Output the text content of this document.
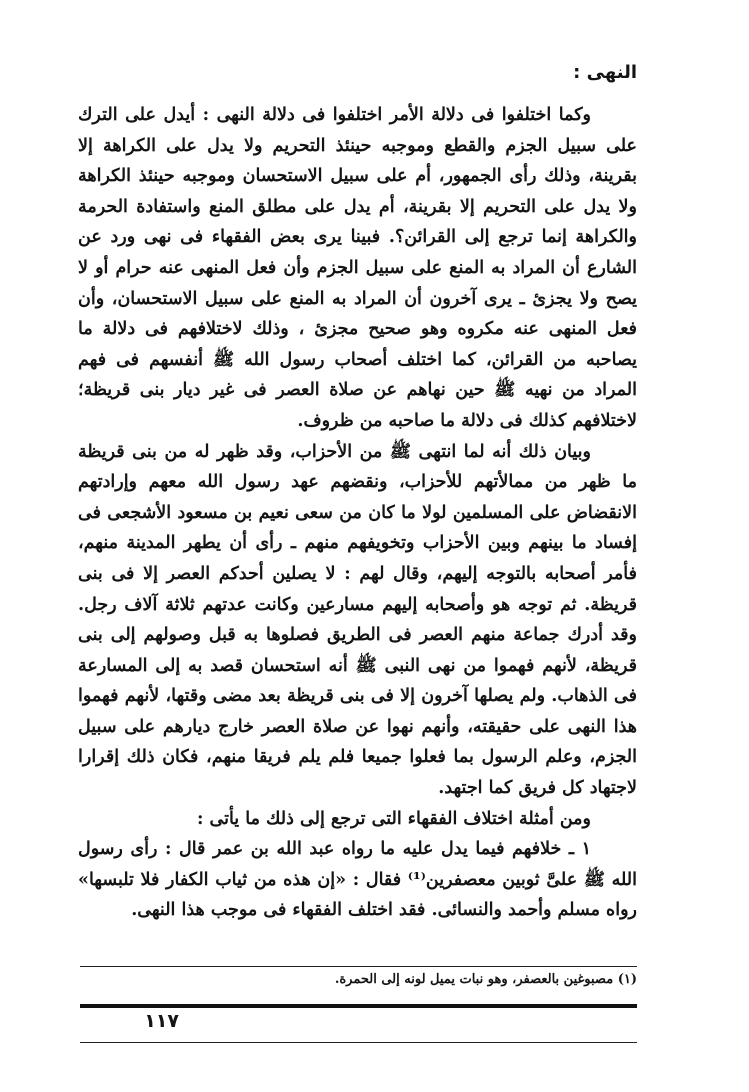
النهى :

وكما اختلفوا فى دلالة الأمر اختلفوا فى دلالة النهى : أيدل على الترك على سبيل الجزم والقطع وموجبه حينئذ التحريم ولا يدل على الكراهة إلا بقرينة، وذلك رأى الجمهور، أم على سبيل الاستحسان وموجبه حينئذ الكراهة ولا يدل على التحريم إلا بقرينة، أم يدل على مطلق المنع واستفادة الحرمة والكراهة إنما ترجع إلى القرائن؟. فبينا يرى بعض الفقهاء فى نهى ورد عن الشارع أن المراد به المنع على سبيل الجزم وأن فعل المنهى عنه حرام أو لا يصح ولا يجزئ ـ يرى آخرون أن المراد به المنع على سبيل الاستحسان، وأن فعل المنهى عنه مكروه وهو صحيح مجزئ ، وذلك لاختلافهم فى دلالة ما يصاحبه من القرائن، كما اختلف أصحاب رسول الله ﷺ أنفسهم فى فهم المراد من نهيه ﷺ حين نهاهم عن صلاة العصر فى غير ديار بنى قريظة؛ لاختلافهم كذلك فى دلالة ما صاحبه من ظروف.

وبيان ذلك أنه لما انتهى ﷺ من الأحزاب، وقد ظهر له من بنى قريظة ما ظهر من ممالأتهم للأحزاب، ونقضهم عهد رسول الله معهم وإرادتهم الانقضاض على المسلمين لولا ما كان من سعى نعيم بن مسعود الأشجعى فى إفساد ما بينهم وبين الأحزاب وتخويفهم منهم ـ رأى أن يطهر المدينة منهم، فأمر أصحابه بالتوجه إليهم، وقال لهم : لا يصلين أحدكم العصر إلا فى بنى قريظة. ثم توجه هو وأصحابه إليهم مسارعين وكانت عدتهم ثلاثة آلاف رجل. وقد أدرك جماعة منهم العصر فى الطريق فصلوها به قبل وصولهم إلى بنى قريظة، لأنهم فهموا من نهى النبى ﷺ أنه استحسان قصد به إلى المسارعة فى الذهاب. ولم يصلها آخرون إلا فى بنى قريظة بعد مضى وقتها، لأنهم فهموا هذا النهى على حقيقته، وأنهم نهوا عن صلاة العصر خارج ديارهم على سبيل الجزم، وعلم الرسول بما فعلوا جميعا فلم يلم فريقا منهم، فكان ذلك إقرارا لاجتهاد كل فريق كما اجتهد.

ومن أمثلة اختلاف الفقهاء التى ترجع إلى ذلك ما يأتى :

١ ـ خلافهم فيما يدل عليه ما رواه عبد الله بن عمر قال : رأى رسول الله ﷺ علىَّ ثوبين معصفرين⁽¹⁾ فقال : «إن هذه من ثياب الكفار فلا تلبسها» رواه مسلم وأحمد والنسائى. فقد اختلف الفقهاء فى موجب هذا النهى.

(١) مصبوغين بالعصفر، وهو نبات يميل لونه إلى الحمرة.

١١٧
